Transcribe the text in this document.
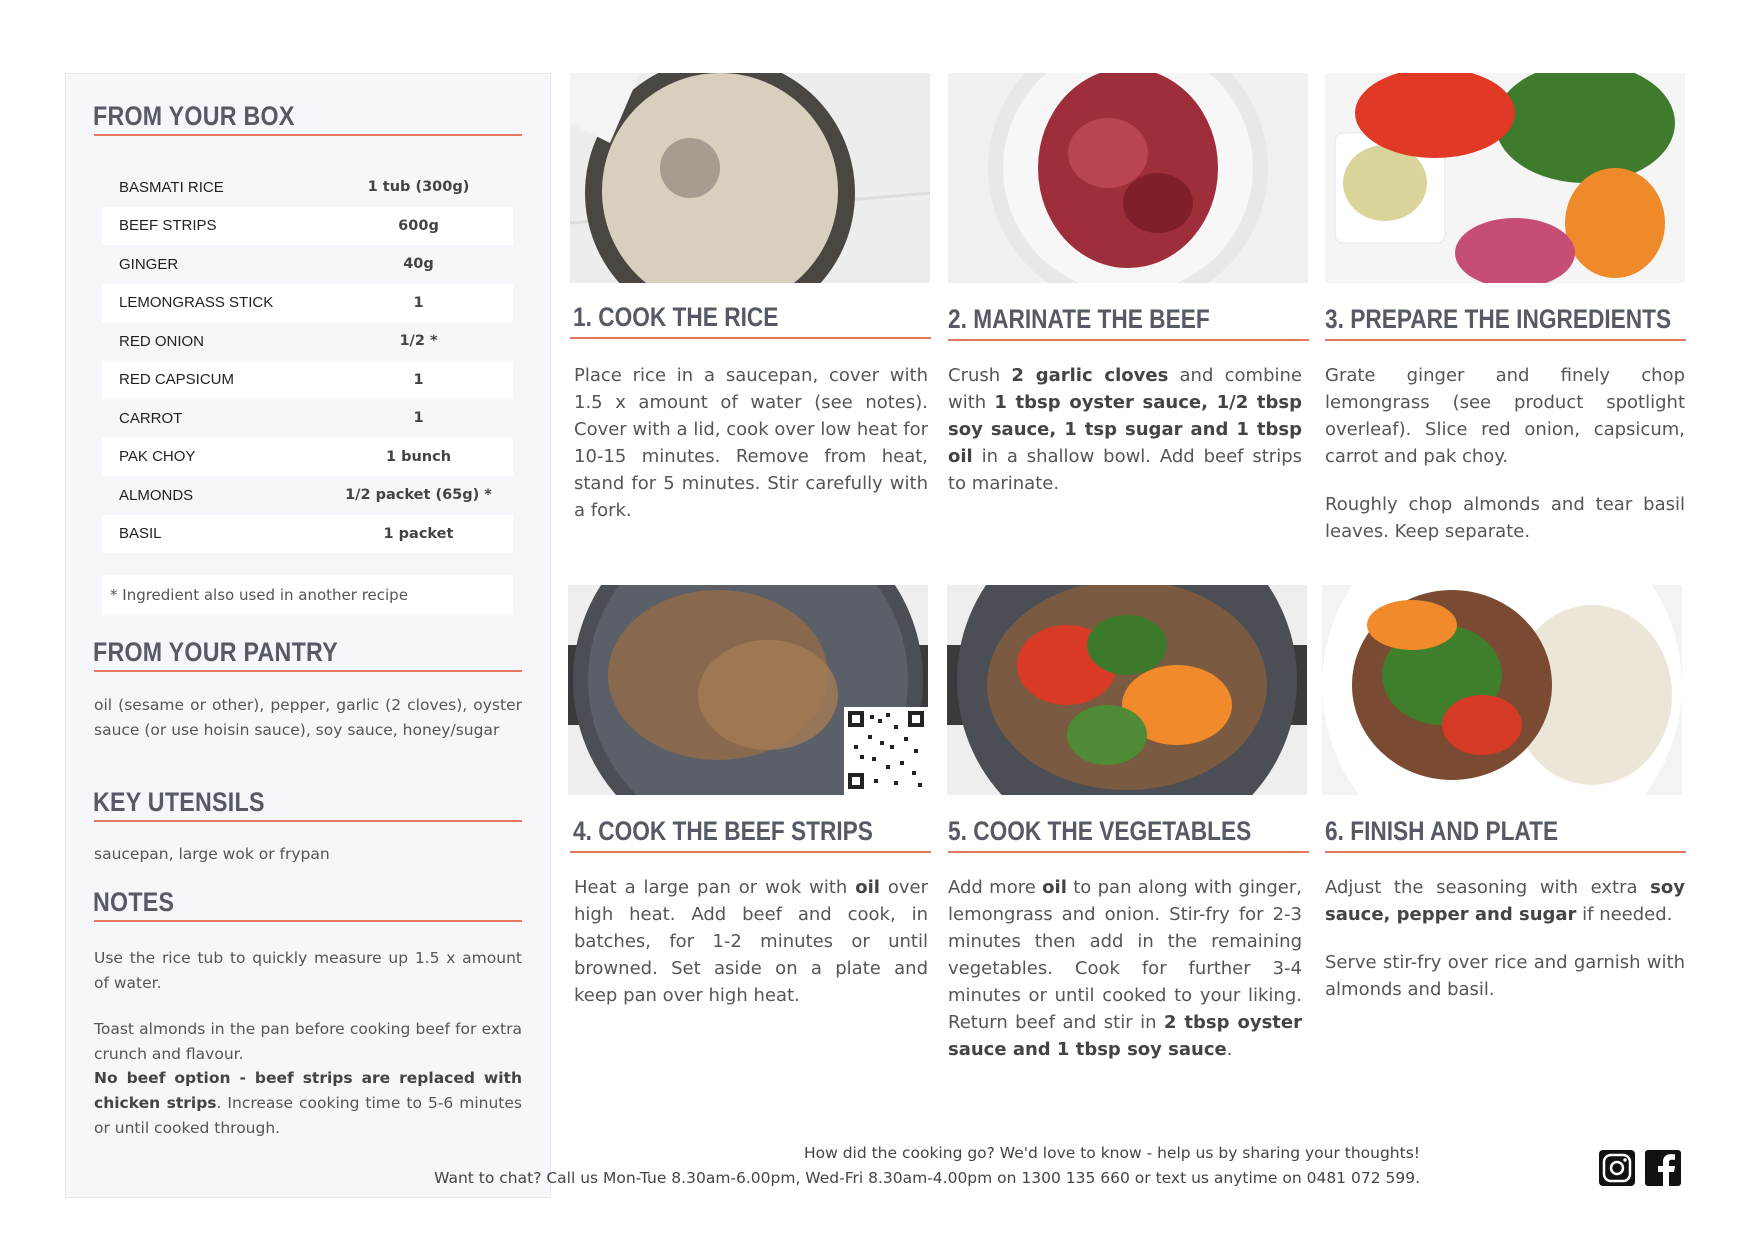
FROM YOUR BOX
BASMATI RICE	1 tub (300g)
BEEF STRIPS	600g
GINGER	40g
LEMONGRASS STICK	1
RED ONION	1/2 *
RED CAPSICUM	1
CARROT	1
PAK CHOY	1 bunch
ALMONDS	1/2 packet (65g) *
BASIL	1 packet
* Ingredient also used in another recipe
FROM YOUR PANTRY
oil (sesame or other), pepper, garlic (2 cloves), oyster sauce (or use hoisin sauce), soy sauce, honey/sugar
KEY UTENSILS
saucepan, large wok or frypan
NOTES
Use the rice tub to quickly measure up 1.5 x amount of water.
Toast almonds in the pan before cooking beef for extra crunch and flavour.
No beef option - beef strips are replaced with chicken strips. Increase cooking time to 5-6 minutes or until cooked through.
1. COOK THE RICE
Place rice in a saucepan, cover with 1.5 x amount of water (see notes). Cover with a lid, cook over low heat for 10-15 minutes. Remove from heat, stand for 5 minutes. Stir carefully with a fork.
2. MARINATE THE BEEF
Crush 2 garlic cloves and combine with 1 tbsp oyster sauce, 1/2 tbsp soy sauce, 1 tsp sugar and 1 tbsp oil in a shallow bowl. Add beef strips to marinate.
3. PREPARE THE INGREDIENTS

Grate ginger and finely chop lemongrass (see product spotlight overleaf). Slice red onion, capsicum, carrot and pak choy.

Roughly chop almonds and tear basil leaves. Keep separate.

4. COOK THE BEEF STRIPS
Heat a large pan or wok with oil over high heat. Add beef and cook, in batches, for 1-2 minutes or until browned. Set aside on a plate and keep pan over high heat.
5. COOK THE VEGETABLES
Add more oil to pan along with ginger, lemongrass and onion. Stir-fry for 2-3 minutes then add in the remaining vegetables. Cook for further 3-4 minutes or until cooked to your liking. Return beef and stir in 2 tbsp oyster sauce and 1 tbsp soy sauce.
6. FINISH AND PLATE

Adjust the seasoning with extra soy sauce, pepper and sugar if needed.

Serve stir-fry over rice and garnish with almonds and basil.

How did the cooking go? We'd love to know - help us by sharing your thoughts!
Want to chat? Call us Mon-Tue 8.30am-6.00pm, Wed-Fri 8.30am-4.00pm on 1300 135 660 or text us anytime on 0481 072 599.
